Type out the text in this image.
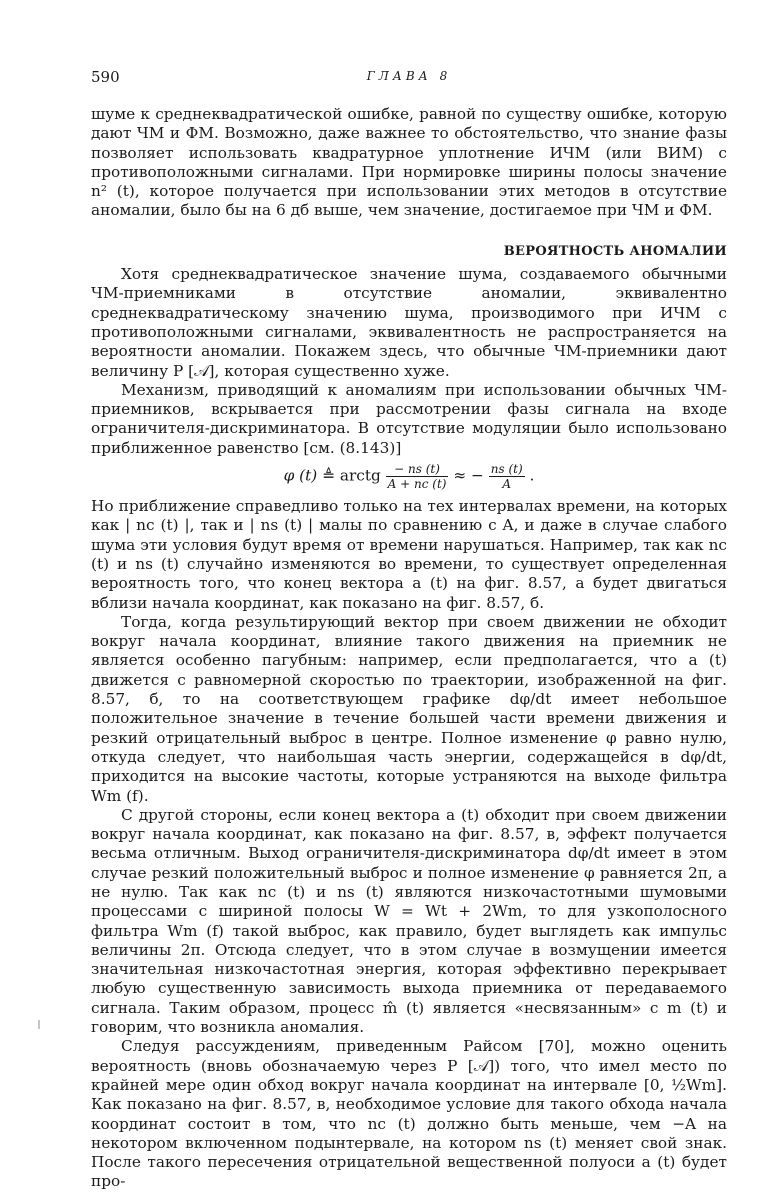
590	ГЛАВА 8

шуме к среднеквадратической ошибке, равной по существу ошибке, которую дают ЧМ и ФМ. Возможно, даже важнее то обстоятельство, что знание фазы позволяет использовать квадратурное уплотнение ИЧМ (или ВИМ) с противоположными сигналами. При нормировке ширины полосы значение n² (t), которое получается при использовании этих методов в отсутствие аномалии, было бы на 6 дб выше, чем значение, достигаемое при ЧМ и ФМ.

ВЕРОЯТНОСТЬ АНОМАЛИИ

Хотя среднеквадратическое значение шума, создаваемого обычными ЧМ-приемниками в отсутствие аномалии, эквивалентно среднеквадратическому значению шума, производимого при ИЧМ с противоположными сигналами, эквивалентность не распространяется на вероятности аномалии. Покажем здесь, что обычные ЧМ-приемники дают величину P [𝒜], которая существенно хуже.

Механизм, приводящий к аномалиям при использовании обычных ЧМ-приемников, вскрывается при рассмотрении фазы сигнала на входе ограничителя-дискриминатора. В отсутствие модуляции было использовано приближенное равенство [см. (8.143)]

φ (t) ≜ arctg $\frac{- ns (t)}{A + nc (t)}$ ≈ − $\frac{ns (t)}{A}$ .

Но приближение справедливо только на тех интервалах времени, на которых как | nc (t) |, так и | ns (t) | малы по сравнению с A, и даже в случае слабого шума эти условия будут время от времени нарушаться. Например, так как nc (t) и ns (t) случайно изменяются во времени, то существует определенная вероятность того, что конец вектора a (t) на фиг. 8.57, а будет двигаться вблизи начала координат, как показано на фиг. 8.57, б.

Тогда, когда результирующий вектор при своем движении не обходит вокруг начала координат, влияние такого движения на приемник не является особенно пагубным: например, если предполагается, что a (t) движется с равномерной скоростью по траектории, изображенной на фиг. 8.57, б, то на соответствующем графике dφ/dt имеет небольшое положительное значение в течение большей части времени движения и резкий отрицательный выброс в центре. Полное изменение φ равно нулю, откуда следует, что наибольшая часть энергии, содержащейся в dφ/dt, приходится на высокие частоты, которые устраняются на выходе фильтра Wm (f).

С другой стороны, если конец вектора a (t) обходит при своем движении вокруг начала координат, как показано на фиг. 8.57, в, эффект получается весьма отличным. Выход ограничителя-дискриминатора dφ/dt имеет в этом случае резкий положительный выброс и полное изменение φ равняется 2π, а не нулю. Так как nc (t) и ns (t) являются низкочастотными шумовыми процессами с шириной полосы W = Wt + 2Wm, то для узкополосного фильтра Wm (f) такой выброс, как правило, будет выглядеть как импульс величины 2π. Отсюда следует, что в этом случае в возмущении имеется значительная низкочастотная энергия, которая эффективно перекрывает любую существенную зависимость выхода приемника от передаваемого сигнала. Таким образом, процесс m̂ (t) является «несвязанным» с m (t) и говорим, что возникла аномалия.

Следуя рассуждениям, приведенным Райсом [70], можно оценить вероятность (вновь обозначаемую через P [𝒜]) того, что имел место по крайней мере один обход вокруг начала координат на интервале [0, ½Wm]. Как показано на фиг. 8.57, в, необходимое условие для такого обхода начала координат состоит в том, что nc (t) должно быть меньше, чем −A на некотором включенном подынтервале, на котором ns (t) меняет свой знак. После такого пересечения отрицательной вещественной полуоси a (t) будет про-
